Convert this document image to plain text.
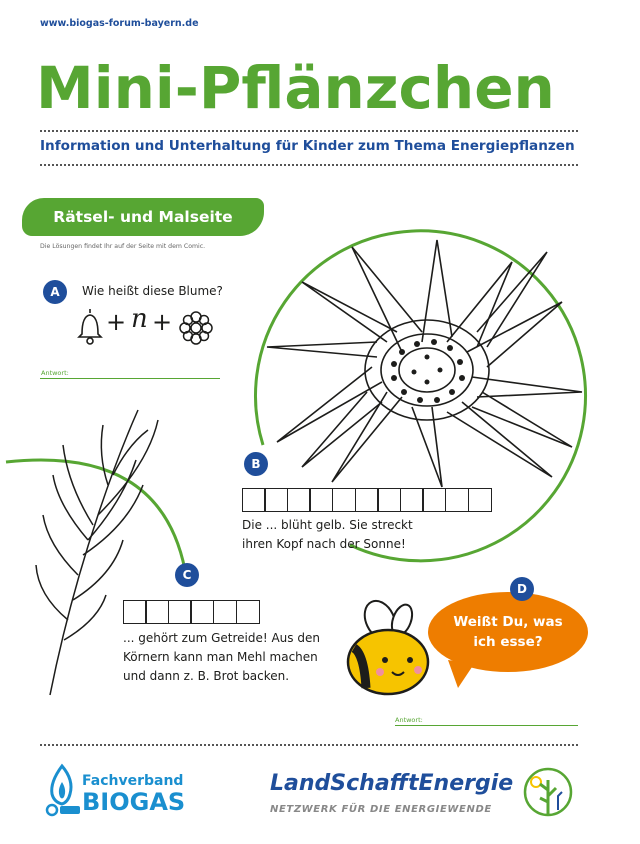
www.biogas-forum-bayern.de
Mini-Pflänzchen
Information und Unterhaltung für Kinder zum Thema Energiepflanzen
Rätsel- und Malseite
Die Lösungen findet Ihr auf der Seite mit dem Comic.
A	Wie heißt diese Blume?
+ n +
Antwort:
B
Die ... blüht gelb. Sie streckt
ihren Kopf nach der Sonne!
C
... gehört zum Getreide! Aus den
Körnern kann man Mehl machen
und dann z. B. Brot backen.
Weißt Du, was
ich esse?
D
Antwort:
Fachverband
BIOGAS
LandSchafftEnergie
NETZWERK FÜR DIE ENERGIEWENDE
